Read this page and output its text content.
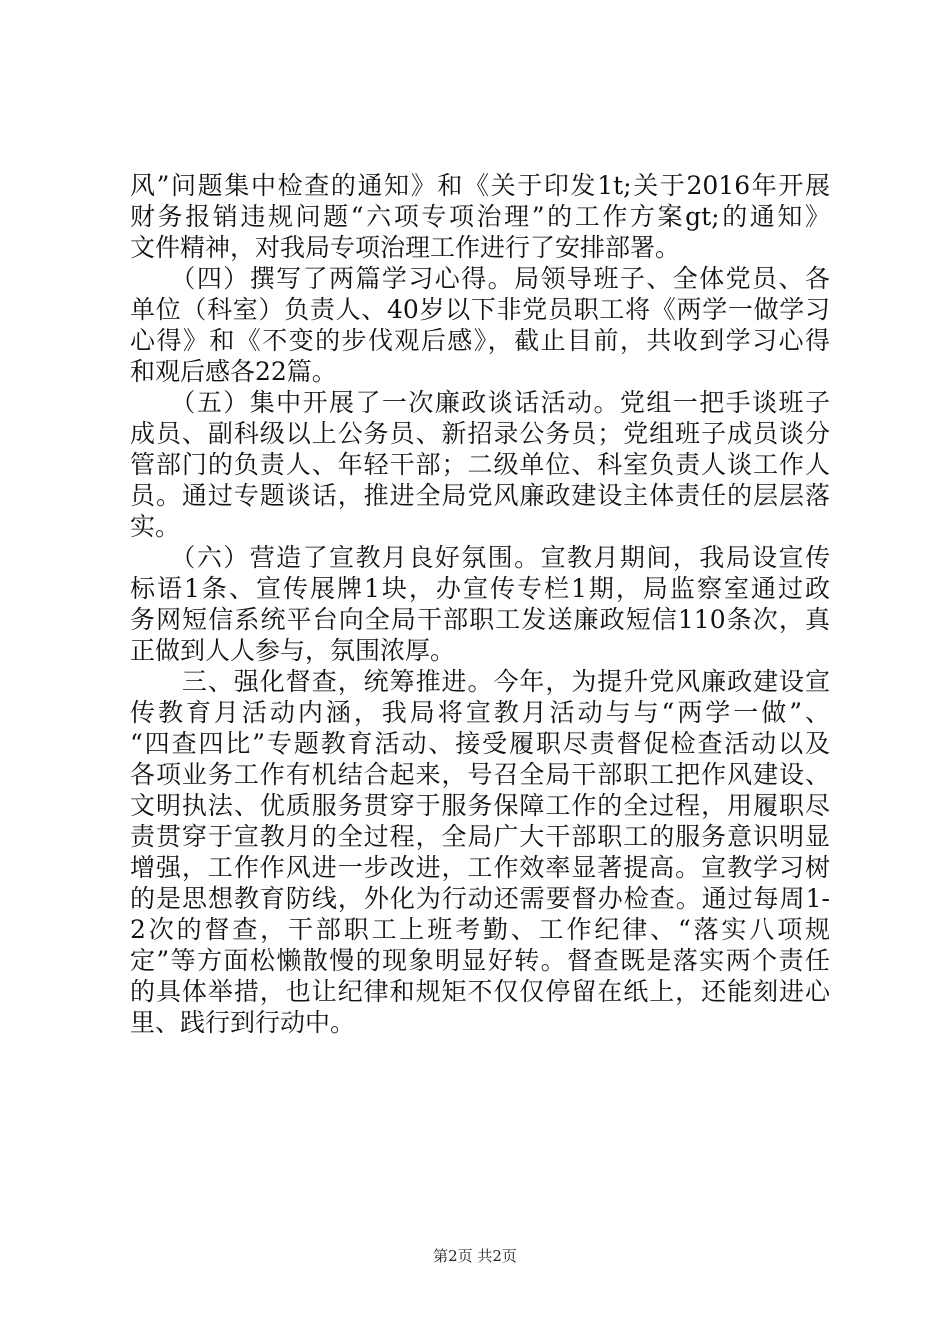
风”问题集中检查的通知》和《关于印发1t;关于2016年开展
财务报销违规问题“六项专项治理”的工作方案gt;的通知》
文件精神，对我局专项治理工作进行了安排部署。
　　（四）撰写了两篇学习心得。局领导班子、全体党员、各
单位（科室）负责人、40岁以下非党员职工将《两学一做学习
心得》和《不变的步伐观后感》，截止目前，共收到学习心得
和观后感各22篇。
　　（五）集中开展了一次廉政谈话活动。党组一把手谈班子
成员、副科级以上公务员、新招录公务员；党组班子成员谈分
管部门的负责人、年轻干部；二级单位、科室负责人谈工作人
员。通过专题谈话，推进全局党风廉政建设主体责任的层层落
实。
　　（六）营造了宣教月良好氛围。宣教月期间，我局设宣传
标语1条、宣传展牌1块，办宣传专栏1期，局监察室通过政
务网短信系统平台向全局干部职工发送廉政短信110条次，真
正做到人人参与，氛围浓厚。
　　三、强化督查，统筹推进。今年，为提升党风廉政建设宣
传教育月活动内涵，我局将宣教月活动与与“两学一做”、
“四查四比”专题教育活动、接受履职尽责督促检查活动以及
各项业务工作有机结合起来，号召全局干部职工把作风建设、
文明执法、优质服务贯穿于服务保障工作的全过程，用履职尽
责贯穿于宣教月的全过程，全局广大干部职工的服务意识明显
增强，工作作风进一步改进，工作效率显著提高。宣教学习树
的是思想教育防线，外化为行动还需要督办检查。通过每周1-
2次的督查，干部职工上班考勤、工作纪律、“落实八项规
定”等方面松懒散慢的现象明显好转。督查既是落实两个责任
的具体举措，也让纪律和规矩不仅仅停留在纸上，还能刻进心
里、践行到行动中。
第2页 共2页
